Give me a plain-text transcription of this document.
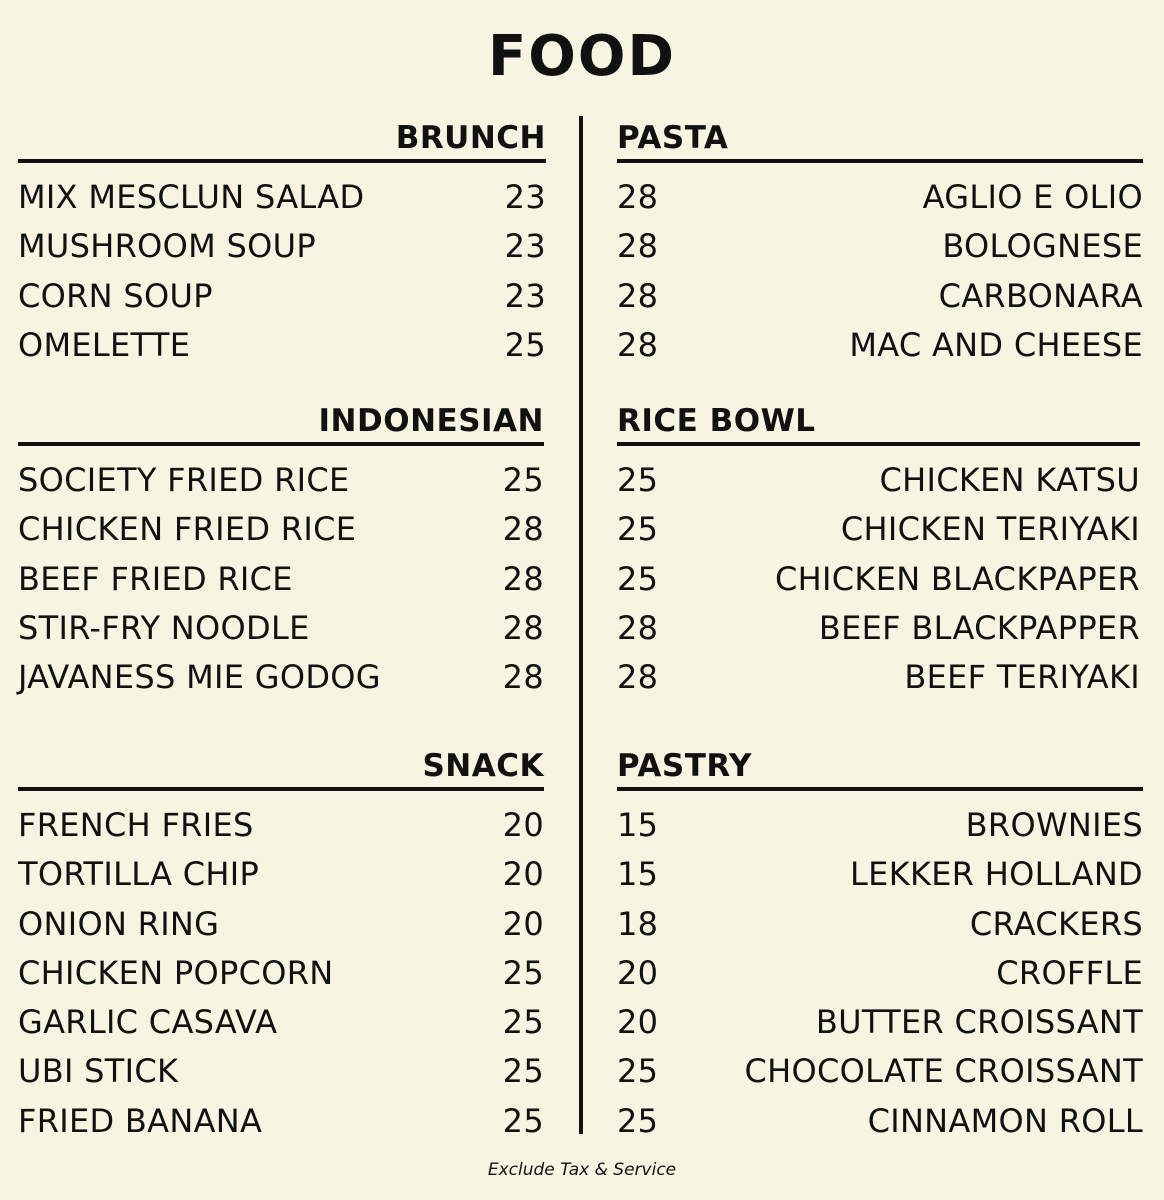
FOOD
BRUNCH
MIX MESCLUN SALAD	23
MUSHROOM SOUP	23
CORN SOUP	23
OMELETTE	25
INDONESIAN
SOCIETY FRIED RICE	25
CHICKEN FRIED RICE	28
BEEF FRIED RICE	28
STIR-FRY NOODLE	28
JAVANESS MIE GODOG	28
SNACK
FRENCH FRIES	20
TORTILLA CHIP	20
ONION RING	20
CHICKEN POPCORN	25
GARLIC CASAVA	25
UBI STICK	25
FRIED BANANA	25
PASTA
28	AGLIO E OLIO
28	BOLOGNESE
28	CARBONARA
28	MAC AND CHEESE
RICE BOWL
25	CHICKEN KATSU
25	CHICKEN TERIYAKI
25	CHICKEN BLACKPAPER
28	BEEF BLACKPAPPER
28	BEEF TERIYAKI
PASTRY
15	BROWNIES
15	LEKKER HOLLAND
18	CRACKERS
20	CROFFLE
20	BUTTER CROISSANT
25	CHOCOLATE CROISSANT
25	CINNAMON ROLL
Exclude Tax & Service
